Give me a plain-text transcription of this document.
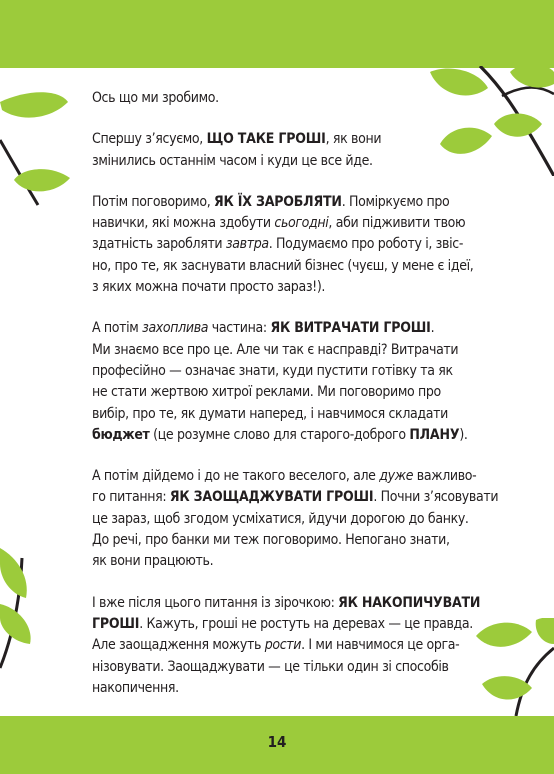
Ось що ми зробимо.

Спершу з’ясуємо, ЩО ТАКЕ ГРОШІ, як вони
змінились останнім часом і куди це все йде.

Потім поговоримо, ЯК ЇХ ЗАРОБЛЯТИ. Поміркуємо про
навички, які можна здобути сьогодні, аби підживити твою
здатність заробляти завтра. Подумаємо про роботу і, звіс-
но, про те, як заснувати власний бізнес (чуєш, у мене є ідеї,
з яких можна почати просто зараз!).

А потім захоплива частина: ЯК ВИТРАЧАТИ ГРОШІ.
Ми знаємо все про це. Але чи так є насправді? Витрачати
професійно — означає знати, куди пустити готівку та як
не стати жертвою хитрої реклами. Ми поговоримо про
вибір, про те, як думати наперед, і навчимося складати
бюджет (це розумне слово для старого-доброго ПЛАНУ).

А потім дійдемо і до не такого веселого, але дуже важливо-
го питання: ЯК ЗАОЩАДЖУВАТИ ГРОШІ. Почни з’ясовувати
це зараз, щоб згодом усміхатися, йдучи дорогою до банку.
До речі, про банки ми теж поговоримо. Непогано знати,
як вони працюють.

І вже після цього питання із зірочкою: ЯК НАКОПИЧУВАТИ
ГРОШІ. Кажуть, гроші не ростуть на деревах — це правда.
Але заощадження можуть рости. І ми навчимося це орга-
нізовувати. Заощаджувати — це тільки один зі способів
накопичення.

14
